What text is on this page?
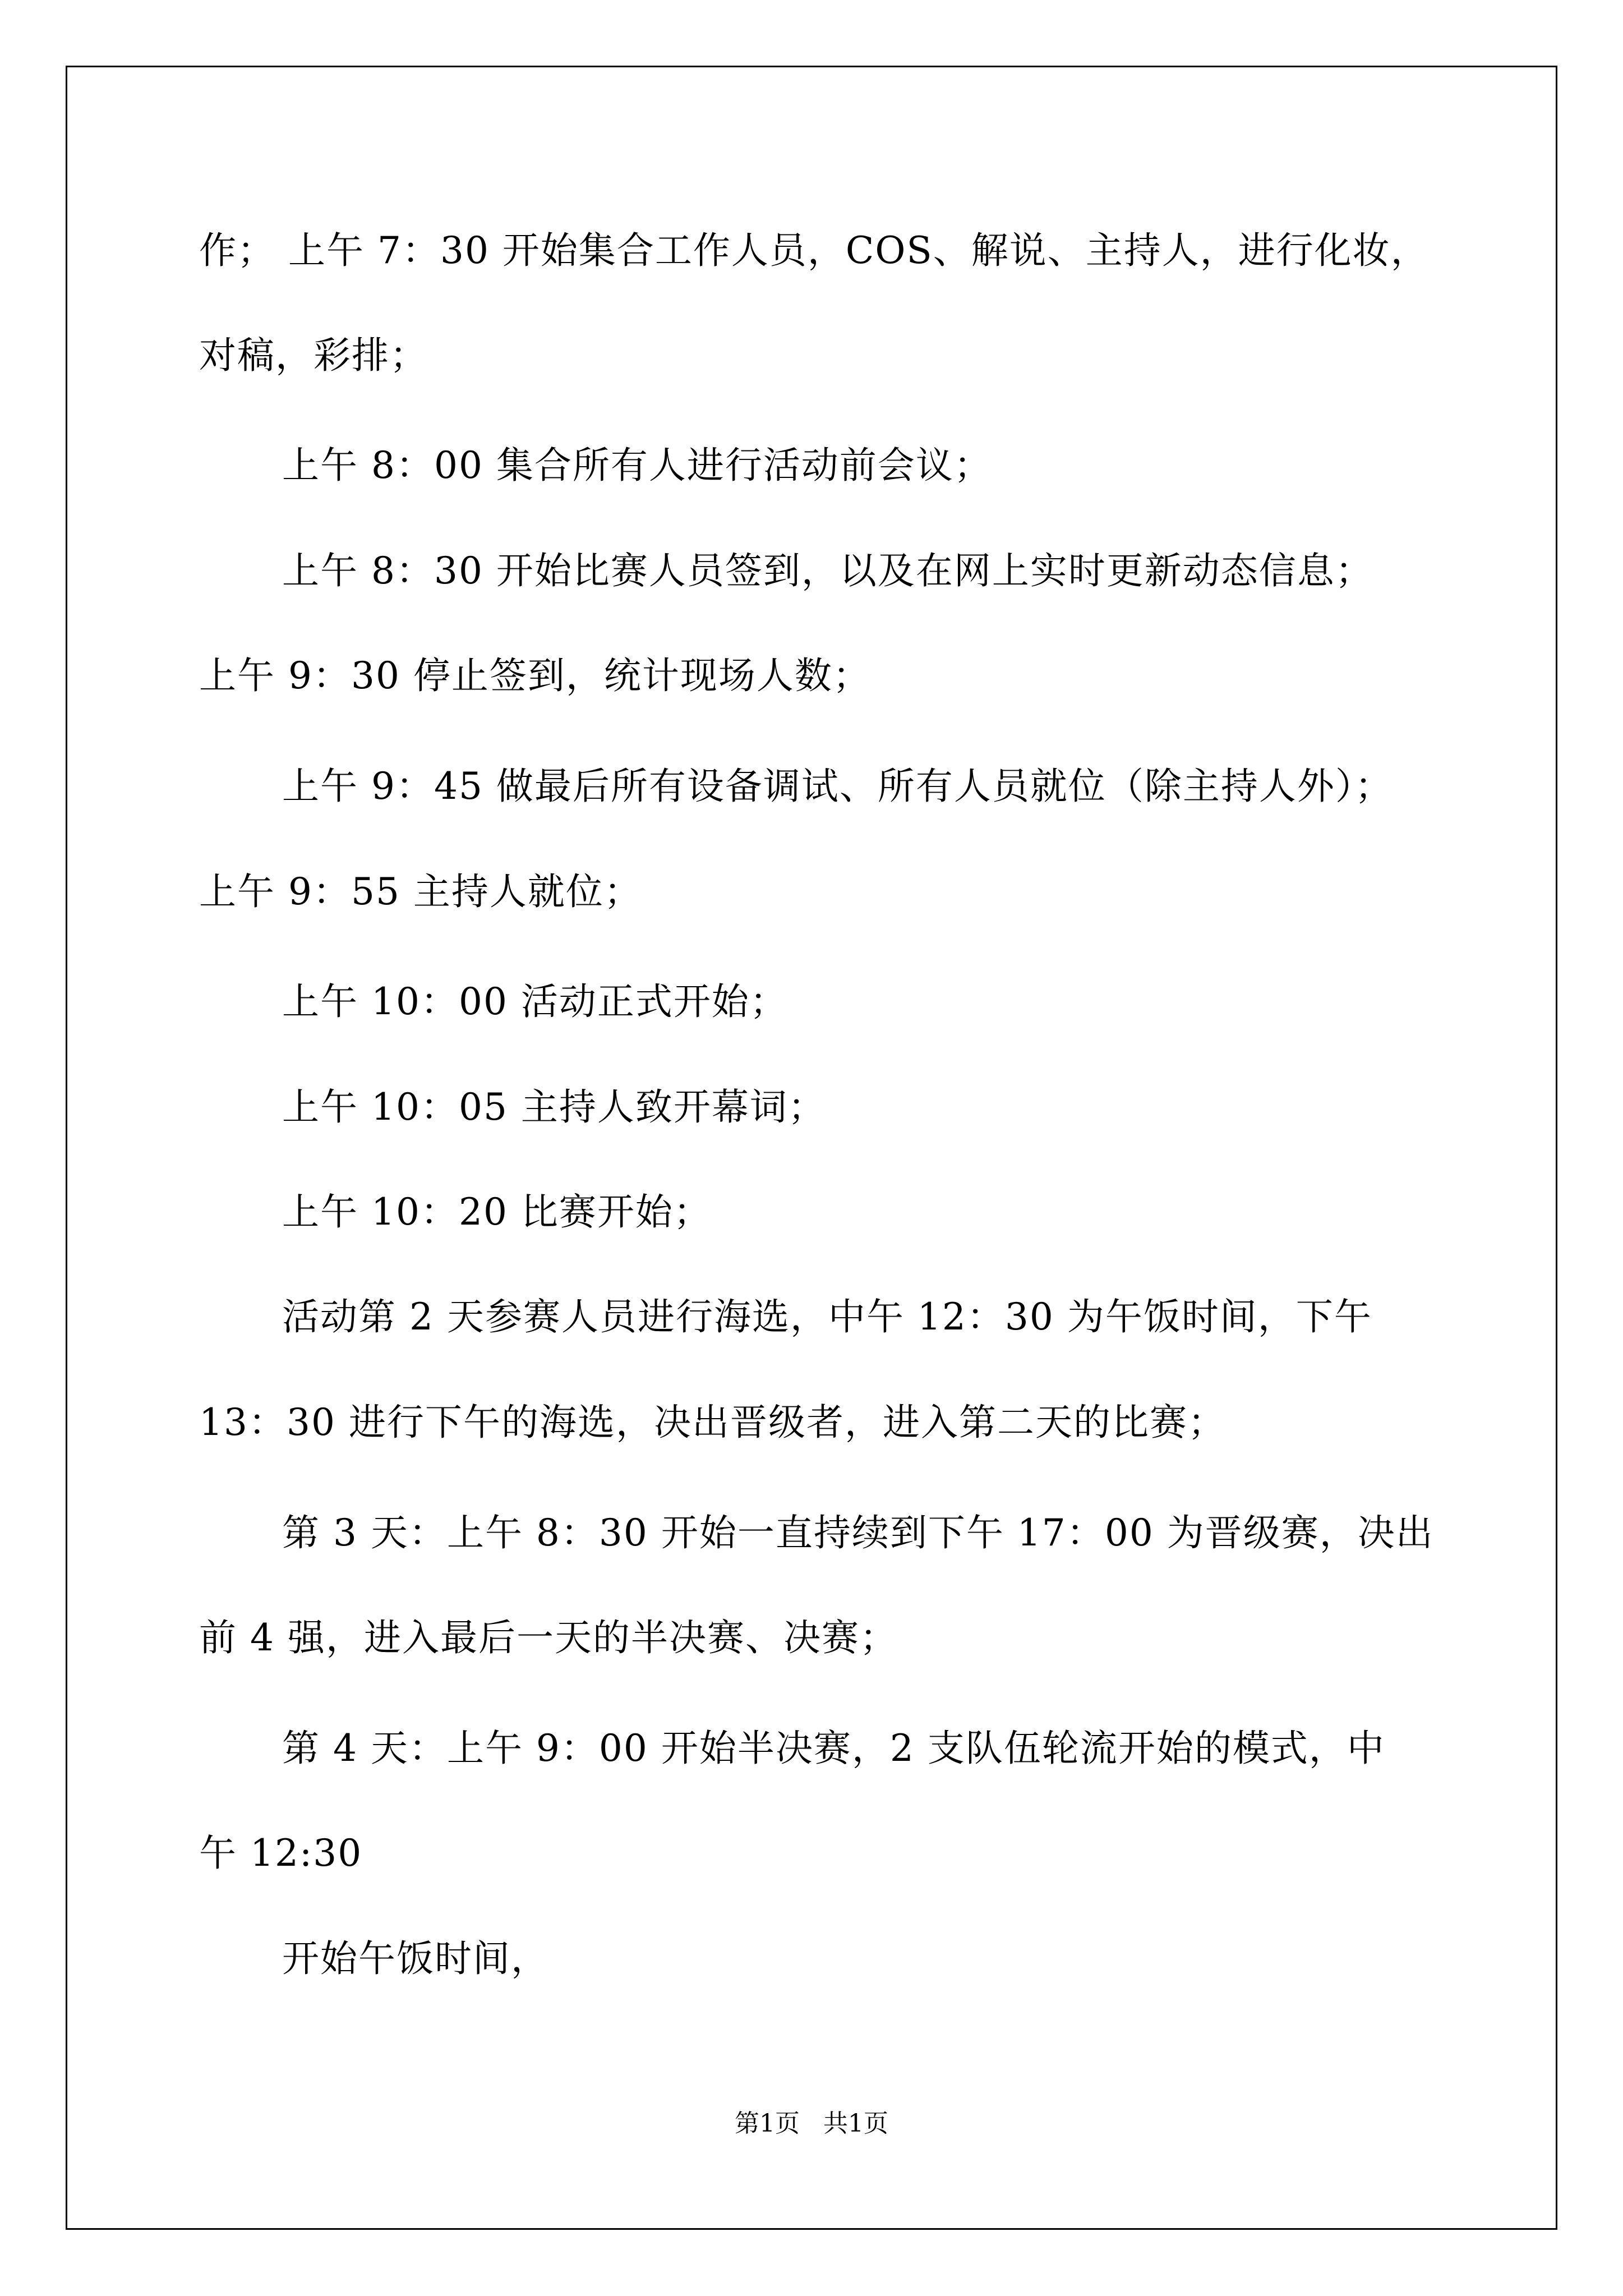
作； 上午 7：30 开始集合工作人员，COS、解说、主持人，进行化妆，
对稿，彩排；
上午 8：00 集合所有人进行活动前会议；
上午 8：30 开始比赛人员签到，以及在网上实时更新动态信息；
上午 9：30 停止签到，统计现场人数；
上午 9：45 做最后所有设备调试、所有人员就位（除主持人外）；
上午 9：55 主持人就位；
上午 10：00 活动正式开始；
上午 10：05 主持人致开幕词；
上午 10：20 比赛开始；
活动第 2 天参赛人员进行海选，中午 12：30 为午饭时间，下午
13：30 进行下午的海选，决出晋级者，进入第二天的比赛；
第 3 天：上午 8：30 开始一直持续到下午 17：00 为晋级赛，决出
前 4 强，进入最后一天的半决赛、决赛；
第 4 天：上午 9：00 开始半决赛，2 支队伍轮流开始的模式，中
午 12:30
开始午饭时间，
第1页   共1页
